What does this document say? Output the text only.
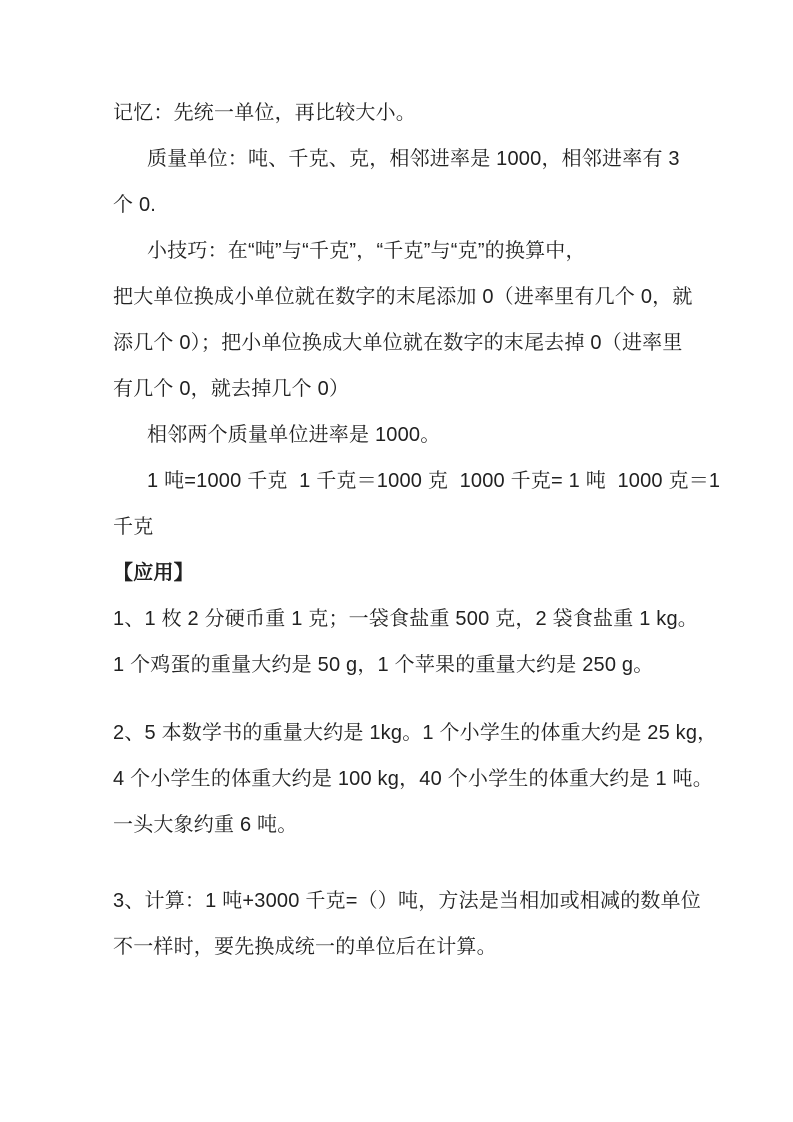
记忆：先统一单位，再比较大小。
质量单位：吨、千克、克，相邻进率是 1000，相邻进率有 3
个 0.
小技巧：在“吨”与“千克”，“千克”与“克”的换算中，
把大单位换成小单位就在数字的末尾添加 0（进率里有几个 0，就
添几个 0）；把小单位换成大单位就在数字的末尾去掉 0（进率里
有几个 0，就去掉几个 0）
相邻两个质量单位进率是 1000。
1 吨=1000 千克  1 千克＝1000 克  1000 千克= 1 吨  1000 克＝1
千克
【应用】
1、1 枚 2 分硬币重 1 克；一袋食盐重 500 克，2 袋食盐重 1 kg。
1 个鸡蛋的重量大约是 50 g，1 个苹果的重量大约是 250 g。
2、5 本数学书的重量大约是 1kg。1 个小学生的体重大约是 25 kg，
4 个小学生的体重大约是 100 kg，40 个小学生的体重大约是 1 吨。
一头大象约重 6 吨。
3、计算：1 吨+3000 千克=（）吨，方法是当相加或相减的数单位
不一样时，要先换成统一的单位后在计算。
